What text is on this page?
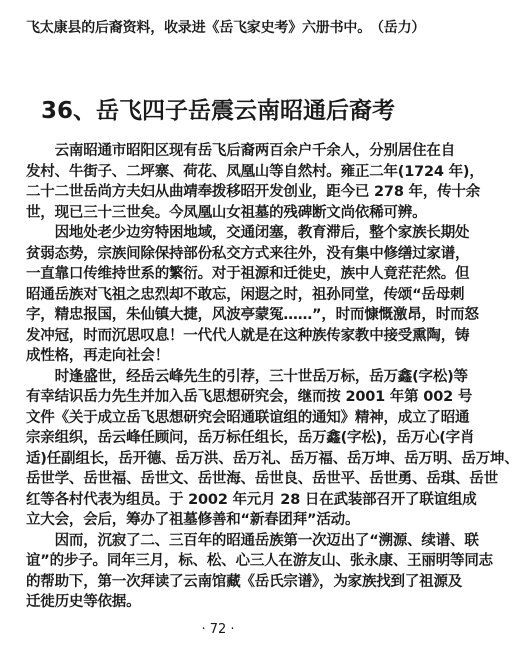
飞太康县的后裔资料，收录进《岳飞家史考》六册书中。 （岳力）
36、岳飞四子岳震云南昭通后裔考
　　云南昭通市昭阳区现有岳飞后裔两百余户千余人，分别居住在自
发村、牛街子、二坪寨、荷花、凤凰山等自然村。雍正二年(1724 年)，
二十二世岳尚方夫妇从曲靖奉拨移昭开发创业，距今已 278 年，传十余
世，现已三十三世矣。今凤凰山女祖墓的残碑断文尚依稀可辨。
　　因地处老少边穷特困地域，交通闭塞，教育滞后，整个家族长期处
贫弱态势，宗族间除保持部份私交方式来往外，没有集中修缮过家谱，
一直靠口传维持世系的繁衍。对于祖源和迁徙史，族中人竟茫茫然。但
昭通岳族对飞祖之忠烈却不敢忘，闲遐之时，祖孙同堂，传颂“岳母刺
字，精忠报国，朱仙镇大捷，风波亭蒙冤……”，时而慷慨激昂，时而怒
发冲冠，时而沉思叹息！一代代人就是在这种族传家教中接受熏陶，铸
成性格，再走向社会！
　　时逢盛世，经岳云峰先生的引荐，三十世岳万标，岳万鑫(字松)等
有幸结识岳力先生并加入岳飞思想研究会，继而按 2001 年第 002 号
文件《关于成立岳飞思想研究会昭通联谊组的通知》精神，成立了昭通
宗亲组织，岳云峰任顾问，岳万标任组长，岳万鑫(字松)，岳万心(字肖
适)任副组长，岳开德、岳万洪、岳万礼、岳万福、岳万坤、岳万明、岳万坤、
岳世学、岳世福、岳世文、岳世海、岳世良、岳世平、岳世勇、岳琪、岳世
红等各村代表为组员。于 2002 年元月 28 日在武装部召开了联谊组成
立大会，会后，筹办了祖墓修善和“新春团拜”活动。
　　因而，沉寂了二、三百年的昭通岳族第一次迈出了“溯源、续谱、联
谊”的步子。同年三月，标、松、心三人在游友山、张永康、王丽明等同志
的帮助下，第一次拜读了云南馆藏《岳氏宗谱》，为家族找到了祖源及
迁徙历史等依据。
· 72 ·
